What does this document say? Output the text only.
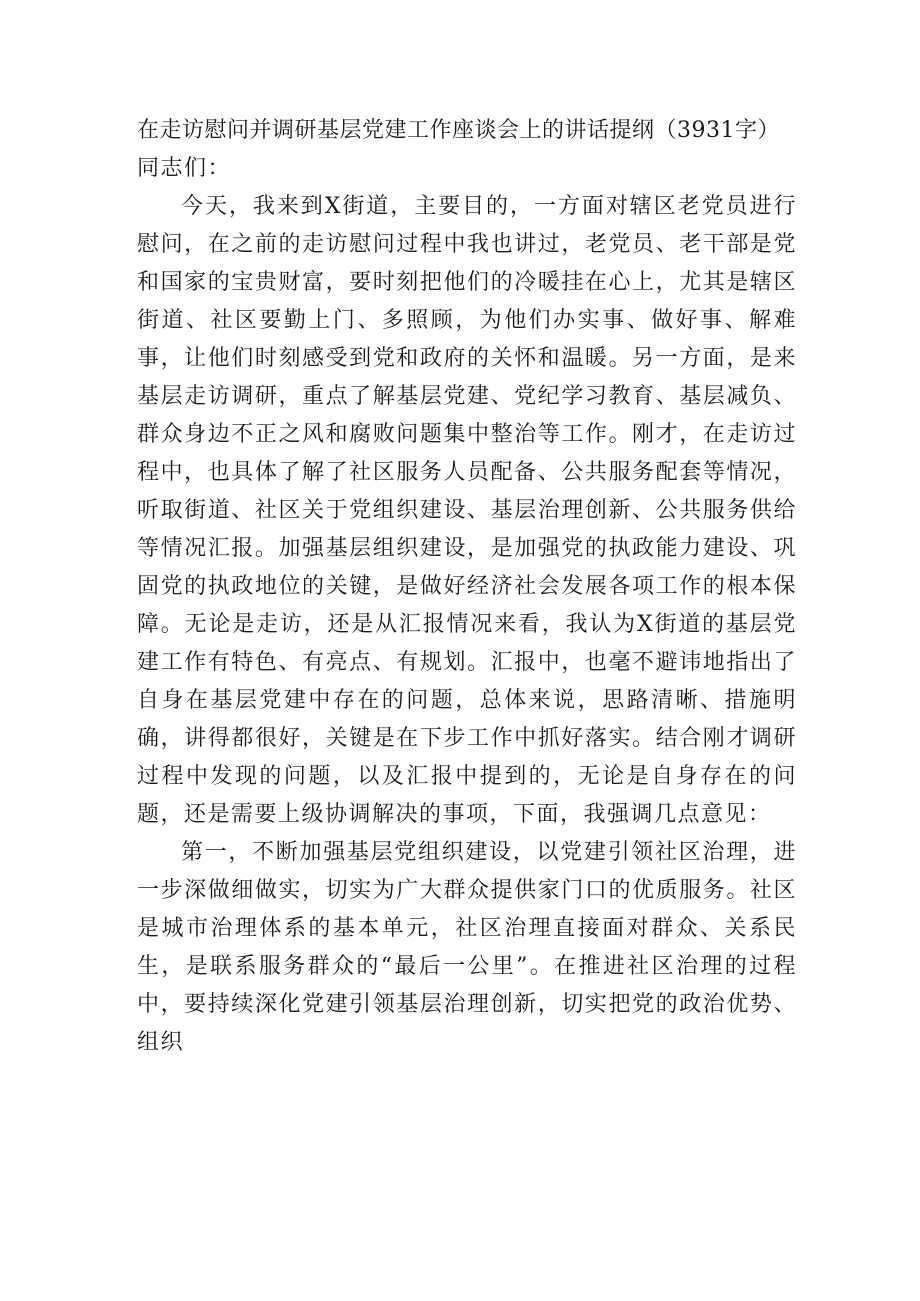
在走访慰问并调研基层党建工作座谈会上的讲话提纲（3931字）

同志们：

今天，我来到X街道，主要目的，一方面对辖区老党员进行慰问，在之前的走访慰问过程中我也讲过，老党员、老干部是党和国家的宝贵财富，要时刻把他们的冷暖挂在心上，尤其是辖区街道、社区要勤上门、多照顾，为他们办实事、做好事、解难事，让他们时刻感受到党和政府的关怀和温暖。另一方面，是来基层走访调研，重点了解基层党建、党纪学习教育、基层减负、群众身边不正之风和腐败问题集中整治等工作。刚才，在走访过程中，也具体了解了社区服务人员配备、公共服务配套等情况，听取街道、社区关于党组织建设、基层治理创新、公共服务供给等情况汇报。加强基层组织建设，是加强党的执政能力建设、巩固党的执政地位的关键，是做好经济社会发展各项工作的根本保障。无论是走访，还是从汇报情况来看，我认为X街道的基层党建工作有特色、有亮点、有规划。汇报中，也毫不避讳地指出了自身在基层党建中存在的问题，总体来说，思路清晰、措施明确，讲得都很好，关键是在下步工作中抓好落实。结合刚才调研过程中发现的问题，以及汇报中提到的，无论是自身存在的问题，还是需要上级协调解决的事项，下面，我强调几点意见：

第一，不断加强基层党组织建设，以党建引领社区治理，进一步深做细做实，切实为广大群众提供家门口的优质服务。社区是城市治理体系的基本单元，社区治理直接面对群众、关系民生，是联系服务群众的“最后一公里”。在推进社区治理的过程中，要持续深化党建引领基层治理创新，切实把党的政治优势、组织
